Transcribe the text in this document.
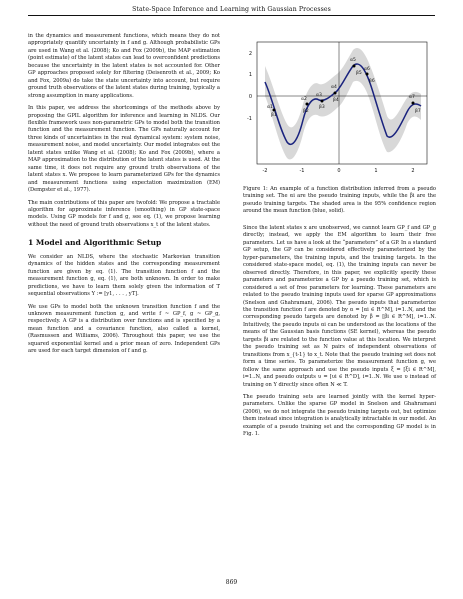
State-Space Inference and Learning with Gaussian Processes

in the dynamics and measurement functions, which means they do not appropriately quantify uncertainty in f and g. Although probabilistic GPs are used in Wang et al. (2008); Ko and Fox (2009b), the MAP estimation (point estimate) of the latent states can lead to overconfident predictions because the uncertainty in the latent states is not accounted for. Other GP approaches proposed solely for filtering (Deisenroth et al., 2009; Ko and Fox, 2009a) do take the state uncertainty into account, but require ground truth observations of the latent states during training, typically a strong assumption in many applications.

In this paper, we address the shortcomings of the methods above by proposing the GPIL algorithm for inference and learning in NLDS. Our flexible framework uses non-parametric GPs to model both the transition function and the measurement function. The GPs naturally account for three kinds of uncertainties in the real dynamical system: system noise, measurement noise, and model uncertainty. Our model integrates out the latent states unlike Wang et al. (2008); Ko and Fox (2009b), where a MAP approximation to the distribution of the latent states is used. At the same time, it does not require any ground truth observations of the latent states x. We propose to learn parameterized GPs for the dynamics and measurement functions using expectation maximization (EM) (Dempster et al., 1977).

The main contributions of this paper are twofold: We propose a tractable algorithm for approximate inference (smoothing) in GP state-space models. Using GP models for f and g, see eq. (1), we propose learning without the need of ground truth observations x_t of the latent states.

1 Model and Algorithmic Setup

We consider an NLDS, where the stochastic Markovian transition dynamics of the hidden states and the corresponding measurement function are given by eq. (1). The transition function f and the measurement function g, eq. (1), are both unknown. In order to make predictions, we have to learn them solely given the information of T sequential observations Y := [y1, . . . , yT].

We use GPs to model both the unknown transition function f and the unknown measurement function g, and write f ~ GP_f, g ~ GP_g, respectively. A GP is a distribution over functions and is specified by a mean function and a covariance function, also called a kernel, (Rasmussen and Williams, 2006). Throughout this paper, we use the squared exponential kernel and a prior mean of zero. Independent GPs are used for each target dimension of f and g.

2
1
0
-1
-2	-1	0	1	2
α1
α2
α3
α4
α5
α6
α7
β1
β2
β3
β4
β5
β6
β7
Figure 1: An example of a function distribution inferred from a pseudo training set. The αi are the pseudo training inputs, while the βi are the pseudo training targets. The shaded area is the 95% confidence region around the mean function (blue, solid).

Since the latent states x are unobserved, we cannot learn GP_f and GP_g directly; instead, we apply the EM algorithm to learn their free parameters. Let us have a look at the “parameters” of a GP. In a standard GP setup, the GP can be considered effectively parameterized by the hyper-parameters, the training inputs, and the training targets. In the considered state-space model, eq. (1), the training inputs can never be observed directly. Therefore, in this paper, we explicitly specify these parameters and parameterize a GP by a pseudo training set, which is considered a set of free parameters for learning. These parameters are related to the pseudo training inputs used for sparse GP approximations (Snelson and Ghahramani, 2006). The pseudo inputs that parameterize the transition function f are denoted by α = [αi ∈ R^M], i=1..N, and the corresponding pseudo targets are denoted by β = [βi ∈ R^M], i=1..N. Intuitively, the pseudo inputs αi can be understood as the locations of the means of the Gaussian basis functions (SE kernel), whereas the pseudo targets βi are related to the function value at this location. We interpret the pseudo training set as N pairs of independent observations of transitions from x_{t-1} to x_t. Note that the pseudo training set does not form a time series. To parameterize the measurement function g, we follow the same approach and use the pseudo inputs ξ = [ξi ∈ R^M], i=1..N, and pseudo outputs υ = [υi ∈ R^D], i=1..N. We use υ instead of training on Y directly since often N ≪ T.

The pseudo training sets are learned jointly with the kernel hyper-parameters. Unlike the sparse GP model in Snelson and Ghahramani (2006), we do not integrate the pseudo training targets out, but optimize them instead since integration is analytically intractable in our model. An example of a pseudo training set and the corresponding GP model is in Fig. 1.

869
